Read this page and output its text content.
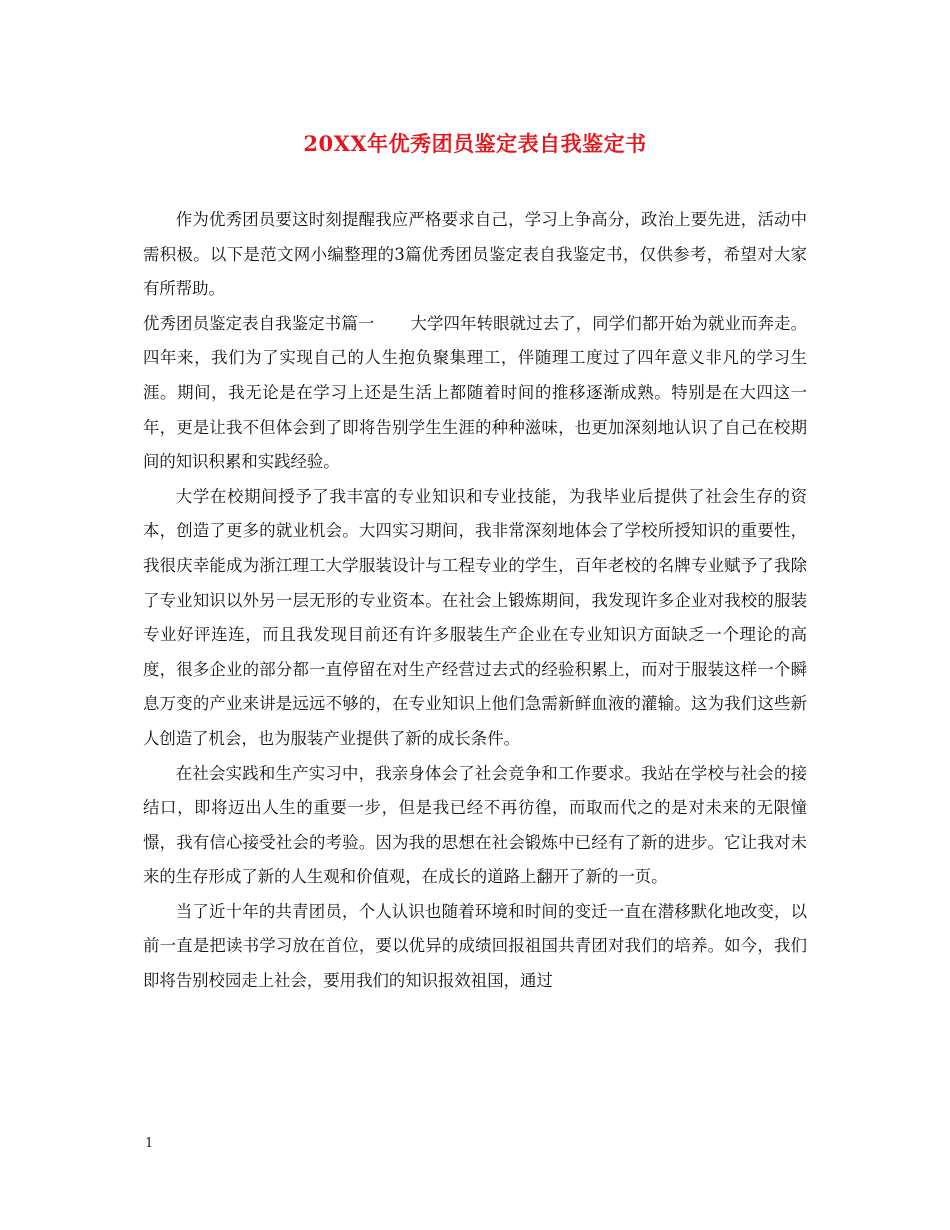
20XX年优秀团员鉴定表自我鉴定书

作为优秀团员要这时刻提醒我应严格要求自己，学习上争高分，政治上要先进，活动中需积极。以下是范文网小编整理的3篇优秀团员鉴定表自我鉴定书，仅供参考，希望对大家有所帮助。

优秀团员鉴定表自我鉴定书篇一 大学四年转眼就过去了，同学们都开始为就业而奔走。四年来，我们为了实现自己的人生抱负聚集理工，伴随理工度过了四年意义非凡的学习生涯。期间，我无论是在学习上还是生活上都随着时间的推移逐渐成熟。特别是在大四这一年，更是让我不但体会到了即将告别学生生涯的种种滋味，也更加深刻地认识了自己在校期间的知识积累和实践经验。

大学在校期间授予了我丰富的专业知识和专业技能，为我毕业后提供了社会生存的资本，创造了更多的就业机会。大四实习期间，我非常深刻地体会了学校所授知识的重要性，我很庆幸能成为浙江理工大学服装设计与工程专业的学生，百年老校的名牌专业赋予了我除了专业知识以外另一层无形的专业资本。在社会上锻炼期间，我发现许多企业对我校的服装专业好评连连，而且我发现目前还有许多服装生产企业在专业知识方面缺乏一个理论的高度，很多企业的部分都一直停留在对生产经营过去式的经验积累上，而对于服装这样一个瞬息万变的产业来讲是远远不够的，在专业知识上他们急需新鲜血液的灌输。这为我们这些新人创造了机会，也为服装产业提供了新的成长条件。

在社会实践和生产实习中，我亲身体会了社会竞争和工作要求。我站在学校与社会的接结口，即将迈出人生的重要一步，但是我已经不再彷徨，而取而代之的是对未来的无限憧憬，我有信心接受社会的考验。因为我的思想在社会锻炼中已经有了新的进步。它让我对未来的生存形成了新的人生观和价值观，在成长的道路上翻开了新的一页。

当了近十年的共青团员，个人认识也随着环境和时间的变迁一直在潜移默化地改变，以前一直是把读书学习放在首位，要以优异的成绩回报祖国共青团对我们的培养。如今，我们即将告别校园走上社会，要用我们的知识报效祖国，通过

1
